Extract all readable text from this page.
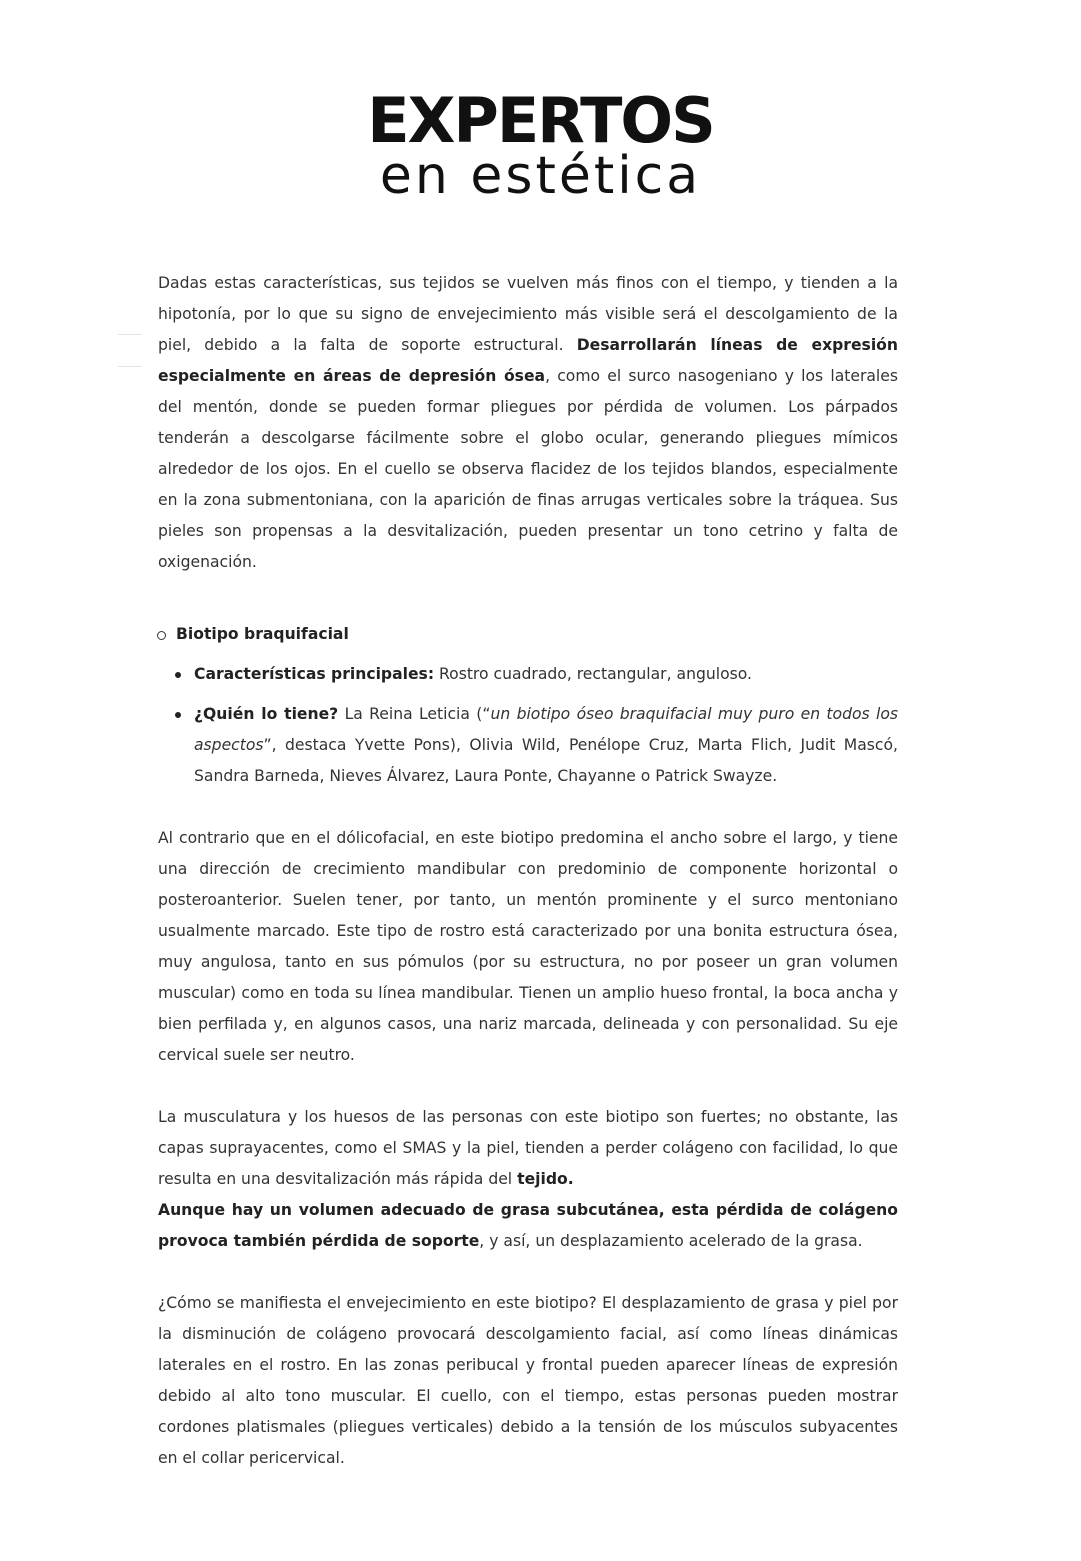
EXPERTOS
en estética

Dadas estas características, sus tejidos se vuelven más finos con el tiempo, y tienden a la hipotonía, por lo que su signo de envejecimiento más visible será el descolgamiento de la piel, debido a la falta de soporte estructural. Desarrollarán líneas de expresión especialmente en áreas de depresión ósea, como el surco nasogeniano y los laterales del mentón, donde se pueden formar pliegues por pérdida de volumen. Los párpados tenderán a descolgarse fácilmente sobre el globo ocular, generando pliegues mímicos alrededor de los ojos. En el cuello se observa flacidez de los tejidos blandos, especialmente en la zona submentoniana, con la aparición de finas arrugas verticales sobre la tráquea. Sus pieles son propensas a la desvitalización, pueden presentar un tono cetrino y falta de oxigenación.

Biotipo braquifacial
Características principales: Rostro cuadrado, rectangular, anguloso.
¿Quién lo tiene? La Reina Leticia (“un biotipo óseo braquifacial muy puro en todos los aspectos”, destaca Yvette Pons), Olivia Wild, Penélope Cruz, Marta Flich, Judit Mascó, Sandra Barneda, Nieves Álvarez, Laura Ponte, Chayanne o Patrick Swayze.

Al contrario que en el dólicofacial, en este biotipo predomina el ancho sobre el largo, y tiene una dirección de crecimiento mandibular con predominio de componente horizontal o posteroanterior. Suelen tener, por tanto, un mentón prominente y el surco mentoniano usualmente marcado. Este tipo de rostro está caracterizado por una bonita estructura ósea, muy angulosa, tanto en sus pómulos (por su estructura, no por poseer un gran volumen muscular) como en toda su línea mandibular. Tienen un amplio hueso frontal, la boca ancha y bien perfilada y, en algunos casos, una nariz marcada, delineada y con personalidad. Su eje cervical suele ser neutro.

La musculatura y los huesos de las personas con este biotipo son fuertes; no obstante, las capas suprayacentes, como el SMAS y la piel, tienden a perder colágeno con facilidad, lo que resulta en una desvitalización más rápida del tejido.

Aunque hay un volumen adecuado de grasa subcutánea, esta pérdida de colágeno provoca también pérdida de soporte, y así, un desplazamiento acelerado de la grasa.

¿Cómo se manifiesta el envejecimiento en este biotipo? El desplazamiento de grasa y piel por la disminución de colágeno provocará descolgamiento facial, así como líneas dinámicas laterales en el rostro. En las zonas peribucal y frontal pueden aparecer líneas de expresión debido al alto tono muscular. El cuello, con el tiempo, estas personas pueden mostrar cordones platismales (pliegues verticales) debido a la tensión de los músculos subyacentes en el collar pericervical.
